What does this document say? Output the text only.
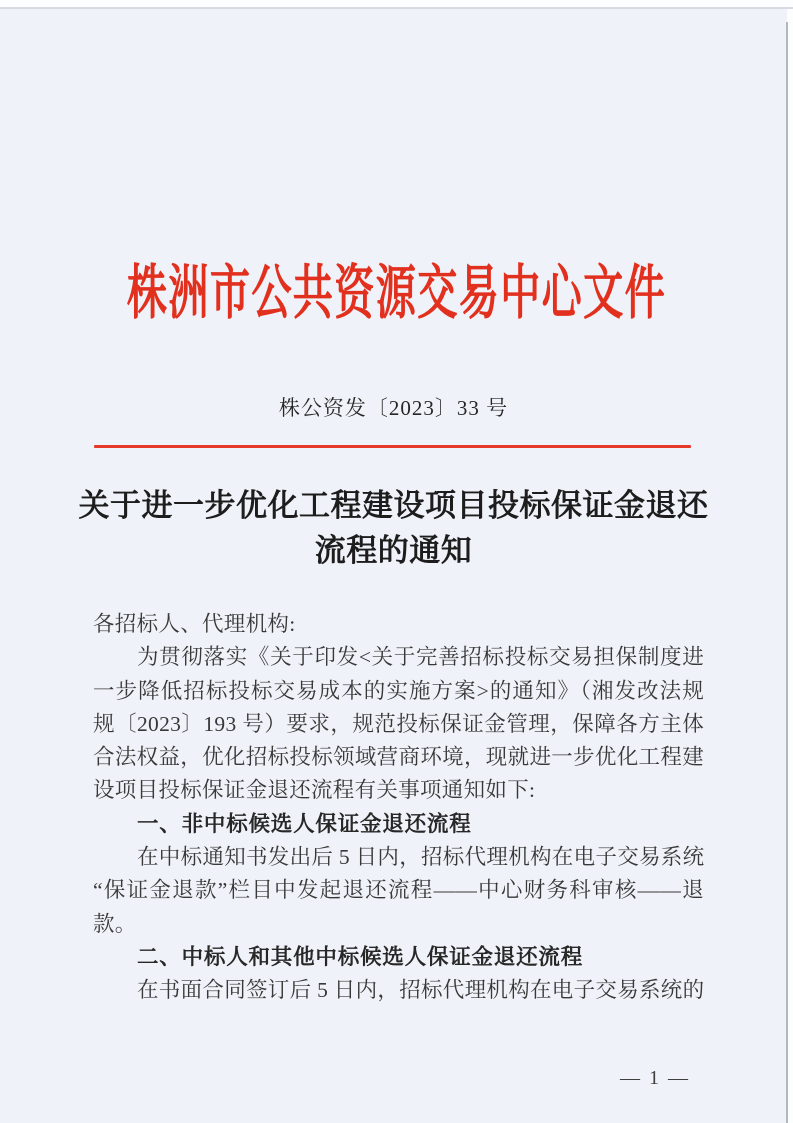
株洲市公共资源交易中心文件
株公资发〔2023〕33 号
关于进一步优化工程建设项目投标保证金退还
流程的通知
各招标人、代理机构:
为贯彻落实《关于印发<关于完善招标投标交易担保制度进
一步降低招标投标交易成本的实施方案>的通知》（湘发改法规
规〔2023〕193 号）要求，规范投标保证金管理，保障各方主体
合法权益，优化招标投标领域营商环境，现就进一步优化工程建
设项目投标保证金退还流程有关事项通知如下:
一、非中标候选人保证金退还流程
在中标通知书发出后 5 日内，招标代理机构在电子交易系统
“保证金退款”栏目中发起退还流程——中心财务科审核——退
款。
二、中标人和其他中标候选人保证金退还流程
在书面合同签订后 5 日内，招标代理机构在电子交易系统的
— 1 —
